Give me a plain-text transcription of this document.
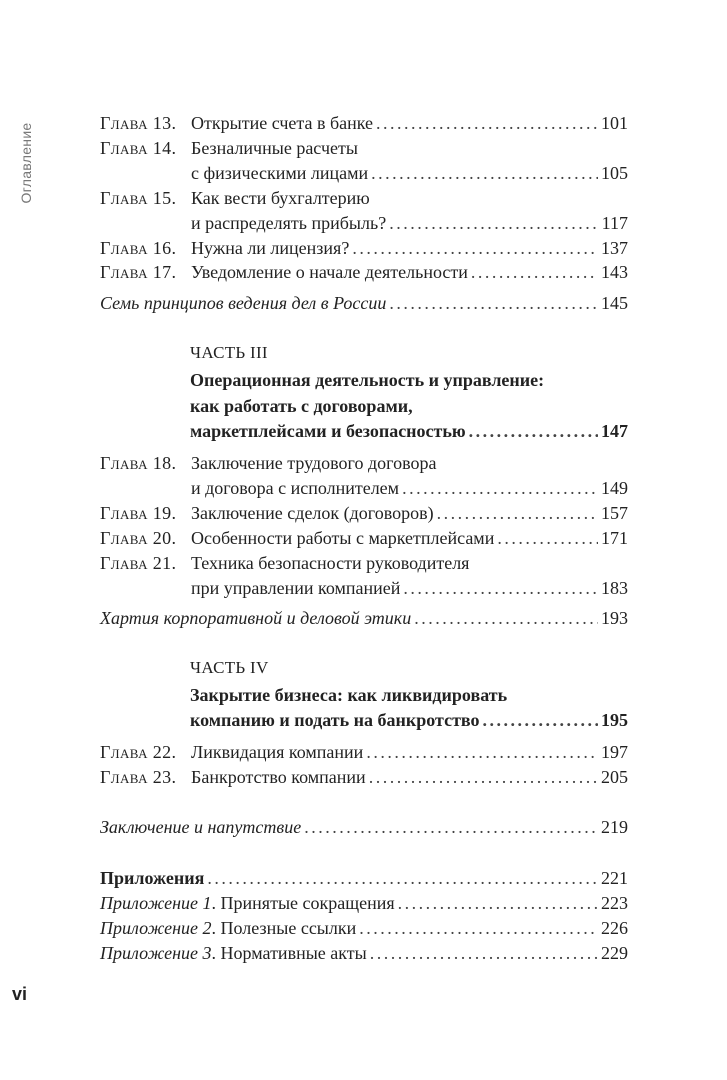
Оглавление	Глава 13. Открытие счета в банке . . .	101
Глава 14. Безналичные расчеты
с физическими лицами . . .	105
Глава 15. Как вести бухгалтерию
и распределять прибыль? . . .	117
Глава 16. Нужна ли лицензия? . . .	137
Глава 17. Уведомление о начале деятельности . . .	143
Семь принципов ведения дел в России . . .	145
ЧАСТЬ III
Операционная деятельность и управление:
как работать с договорами,
маркетплейсами и безопасностью . . .	147
Глава 18. Заключение трудового договора
и договора с исполнителем . . .	149
Глава 19. Заключение сделок (договоров) . . .	157
Глава 20. Особенности работы с маркетплейсами . . .	171
Глава 21. Техника безопасности руководителя
при управлении компанией . . .	183
Хартия корпоративной и деловой этики . . .	193
ЧАСТЬ IV
Закрытие бизнеса: как ликвидировать
компанию и подать на банкротство . . .	195
Глава 22. Ликвидация компании . . .	197
Глава 23. Банкротство компании . . .	205
Заключение и напутствие . . .	219
Приложения . . .	221
Приложение 1 . Принятые сокращения . . .	223
Приложение 2 . Полезные ссылки . . .	226
Приложение 3 . Нормативные акты . . .	229
vi
